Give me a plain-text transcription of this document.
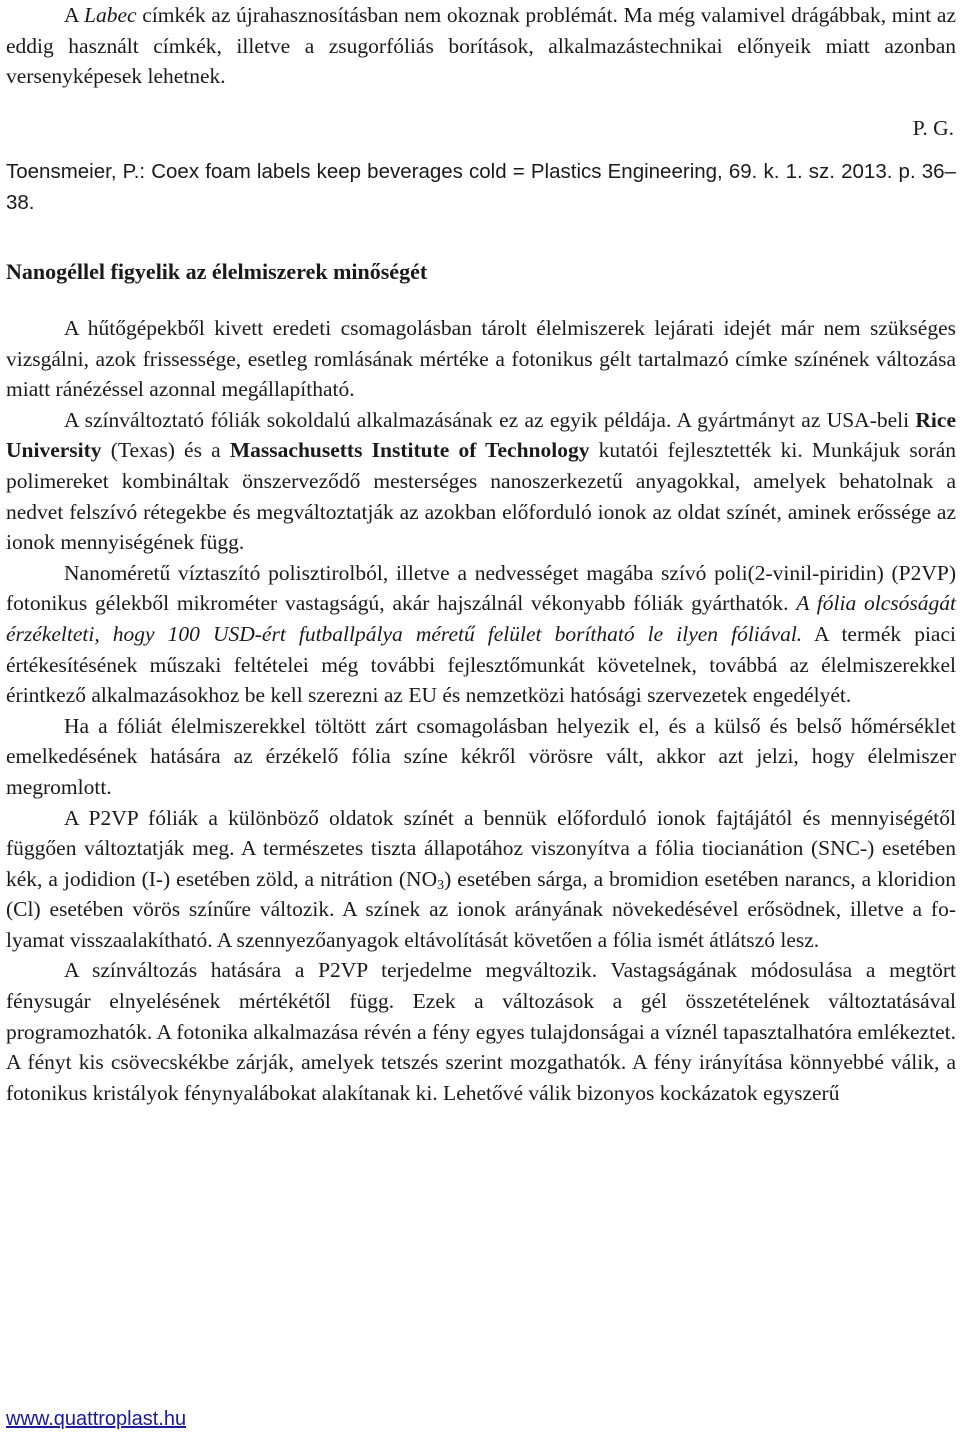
A Labec címkék az újrahasznosításban nem okoznak problémát. Ma még valamivel drágábbak, mint az eddig használt címkék, illetve a zsugorfóliás borítások, alkalmazástechnikai előnyeik miatt azonban versenyképesek lehetnek.

P. G.

Toensmeier, P.: Coex foam labels keep beverages cold = Plastics Engineering, 69. k. 1. sz. 2013. p. 36–38.

Nanogéllel figyelik az élelmiszerek minőségét

A hűtőgépekből kivett eredeti csomagolásban tárolt élelmiszerek lejárati idejét már nem szükséges vizsgálni, azok frissessége, esetleg romlásának mértéke a fotonikus gélt tartalmazó címke színének változása miatt ránézéssel azonnal megállapítható.

A színváltoztató fóliák sokoldalú alkalmazásának ez az egyik példája. A gyártmányt az USA-beli Rice University (Texas) és a Massachusetts Institute of Technology kutatói fejlesztették ki. Munkájuk során polimereket kombináltak önszerveződő mesterséges nanoszerkezetű anyagokkal, amelyek behatolnak a nedvet felszívó rétegekbe és megváltoztatják az azokban előforduló ionok az oldat színét, aminek erőssége az ionok mennyiségének függ.

Nanoméretű víztaszító polisztirolból, illetve a nedvességet magába szívó poli(2-vinil-piridin) (P2VP) fotonikus gélekből mikrométer vastagságú, akár hajszálnál vékonyabb fóliák gyárthatók. A fólia olcsóságát érzékelteti, hogy 100 USD-ért futballpálya méretű felület borítható le ilyen fóliával. A termék piaci értékesítésének műszaki feltételei még további fejlesztőmunkát követelnek, továbbá az élelmiszerekkel érintkező alkalmazásokhoz be kell szerezni az EU és nemzetközi hatósági szervezetek engedélyét.

Ha a fóliát élelmiszerekkel töltött zárt csomagolásban helyezik el, és a külső és belső hőmérséklet emelkedésének hatására az érzékelő fólia színe kékről vörösre vált, akkor azt jelzi, hogy élelmiszer megromlott.

A P2VP fóliák a különböző oldatok színét a bennük előforduló ionok fajtájától és mennyiségétől függően változtatják meg. A természetes tiszta állapotához viszonyítva a fólia tiocianátion (SNC-) esetében kék, a jodidion (I-) esetében zöld, a nitrátion $(NO_3)$ esetében sárga, a bromidion esetében narancs, a kloridion (Cl) esetében vörös színűre változik. A színek az ionok arányának növekedésével erősödnek, illetve a folyamat visszaalakítható. A szennyezőanyagok eltávolítását követően a fólia ismét átlátszó lesz.

A színváltozás hatására a P2VP terjedelme megváltozik. Vastagságának módosulása a megtört fénysugár elnyelésének mértékétől függ. Ezek a változások a gél összetételének változtatásával programozhatók. A fotonika alkalmazása révén a fény egyes tulajdonságai a víznél tapasztalhatóra emlékeztet. A fényt kis csövecskékbe zárják, amelyek tetszés szerint mozgathatók. A fény irányítása könnyebbé válik, a fotonikus kristályok fénynyalábokat alakítanak ki. Lehetővé válik bizonyos kockázatok egyszerű

www.quattroplast.hu
